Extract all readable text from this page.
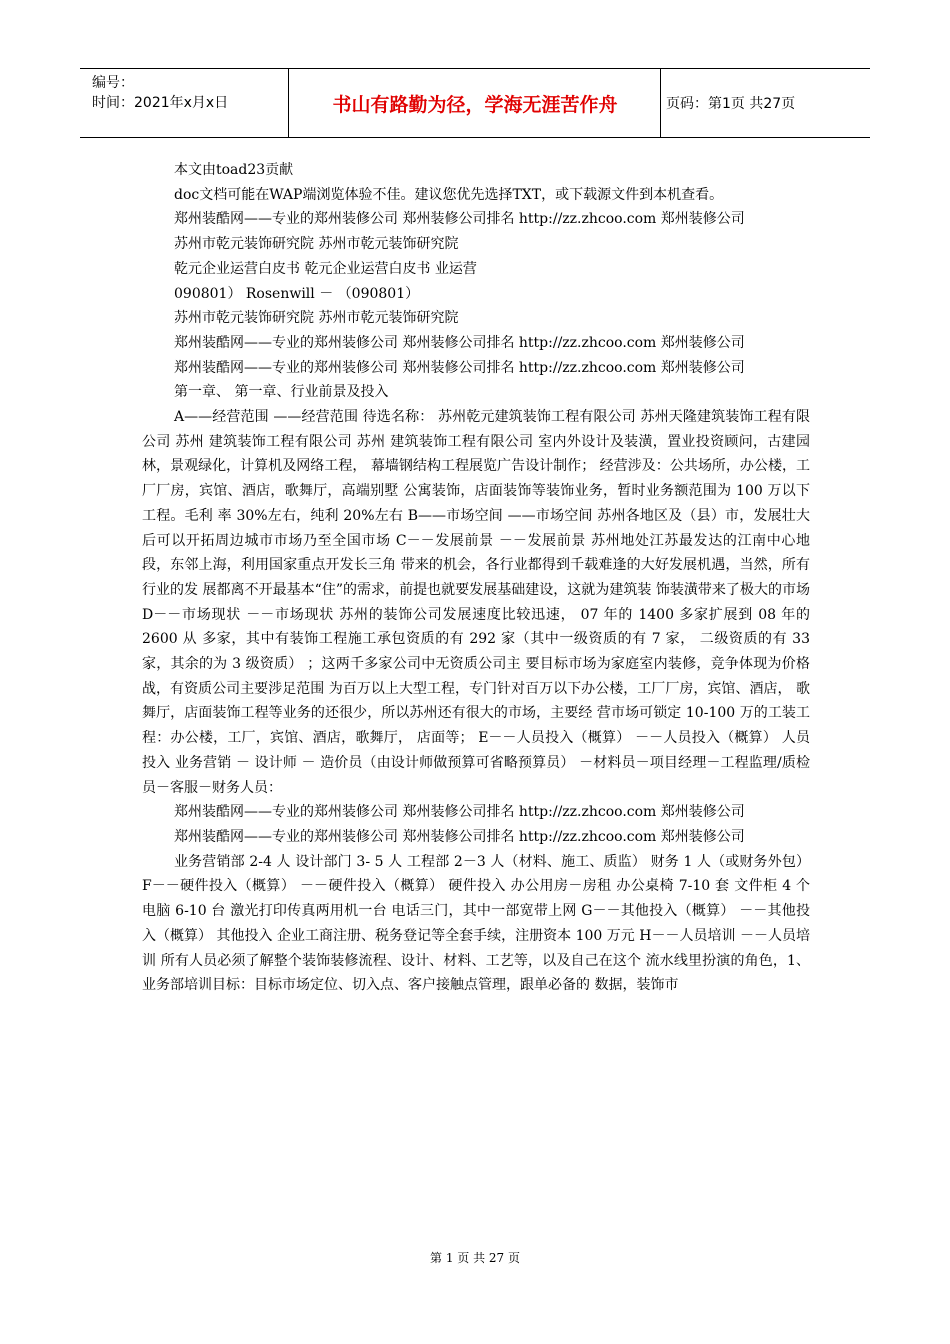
编号：
时间：2021年x月x日	书山有路勤为径，学海无涯苦作舟	页码：第1页 共27页

本文由toad23贡献

doc文档可能在WAP端浏览体验不佳。建议您优先选择TXT，或下载源文件到本机查看。

郑州装酷网——专业的郑州装修公司 郑州装修公司排名 http://zz.zhcoo.com 郑州装修公司

苏州市乾元装饰研究院 苏州市乾元装饰研究院

乾元企业运营白皮书 乾元企业运营白皮书 业运营

090801） Rosenwill － （090801）

苏州市乾元装饰研究院 苏州市乾元装饰研究院

郑州装酷网——专业的郑州装修公司 郑州装修公司排名 http://zz.zhcoo.com 郑州装修公司

郑州装酷网——专业的郑州装修公司 郑州装修公司排名 http://zz.zhcoo.com 郑州装修公司

第一章、 第一章、行业前景及投入

A——经营范围 ——经营范围 待选名称： 苏州乾元建筑装饰工程有限公司 苏州天隆建筑装饰工程有限公司 苏州 建筑装饰工程有限公司 苏州 建筑装饰工程有限公司 室内外设计及装潢，置业投资顾问，古建园林，景观绿化，计算机及网络工程， 幕墙钢结构工程展览广告设计制作； 经营涉及：公共场所，办公楼，工厂厂房，宾馆、酒店，歌舞厅，高端别墅 公寓装饰，店面装饰等装饰业务，暂时业务额范围为 100 万以下工程。毛利 率 30%左右，纯利 20%左右 B——市场空间 ——市场空间 苏州各地区及（县）市，发展壮大后可以开拓周边城市市场乃至全国市场 C－－发展前景 －－发展前景 苏州地处江苏最发达的江南中心地段，东邻上海，利用国家重点开发长三角 带来的机会，各行业都得到千载难逢的大好发展机遇，当然，所有行业的发 展都离不开最基本“住”的需求，前提也就要发展基础建设，这就为建筑装 饰装潢带来了极大的市场 D－－市场现状 －－市场现状 苏州的装饰公司发展速度比较迅速， 07 年的 1400 多家扩展到 08 年的 2600 从 多家，其中有装饰工程施工承包资质的有 292 家（其中一级资质的有 7 家， 二级资质的有 33 家，其余的为 3 级资质） ；这两千多家公司中无资质公司主 要目标市场为家庭室内装修，竞争体现为价格战，有资质公司主要涉足范围 为百万以上大型工程，专门针对百万以下办公楼，工厂厂房，宾馆、酒店， 歌舞厅，店面装饰工程等业务的还很少，所以苏州还有很大的市场，主要经 营市场可锁定 10-100 万的工装工程：办公楼，工厂，宾馆、酒店，歌舞厅， 店面等； E－－人员投入（概算） －－人员投入（概算） 人员投入 业务营销 － 设计师 － 造价员（由设计师做预算可省略预算员） －材料员－项目经理－工程监理/质检员－客服－财务人员：

郑州装酷网——专业的郑州装修公司 郑州装修公司排名 http://zz.zhcoo.com 郑州装修公司

郑州装酷网——专业的郑州装修公司 郑州装修公司排名 http://zz.zhcoo.com 郑州装修公司

业务营销部 2-4 人 设计部门 3- 5 人 工程部 2－3 人（材料、施工、质监） 财务 1 人（或财务外包） F－－硬件投入（概算） －－硬件投入（概算） 硬件投入 办公用房－房租 办公桌椅 7-10 套 文件柜 4 个 电脑 6-10 台 激光打印传真两用机一台 电话三门，其中一部宽带上网 G－－其他投入（概算） －－其他投入（概算） 其他投入 企业工商注册、税务登记等全套手续，注册资本 100 万元 H－－人员培训 －－人员培训 所有人员必须了解整个装饰装修流程、设计、材料、工艺等，以及自己在这个 流水线里扮演的角色，1、业务部培训目标：目标市场定位、切入点、客户接触点管理，跟单必备的 数据，装饰市

第 1 页 共 27 页
